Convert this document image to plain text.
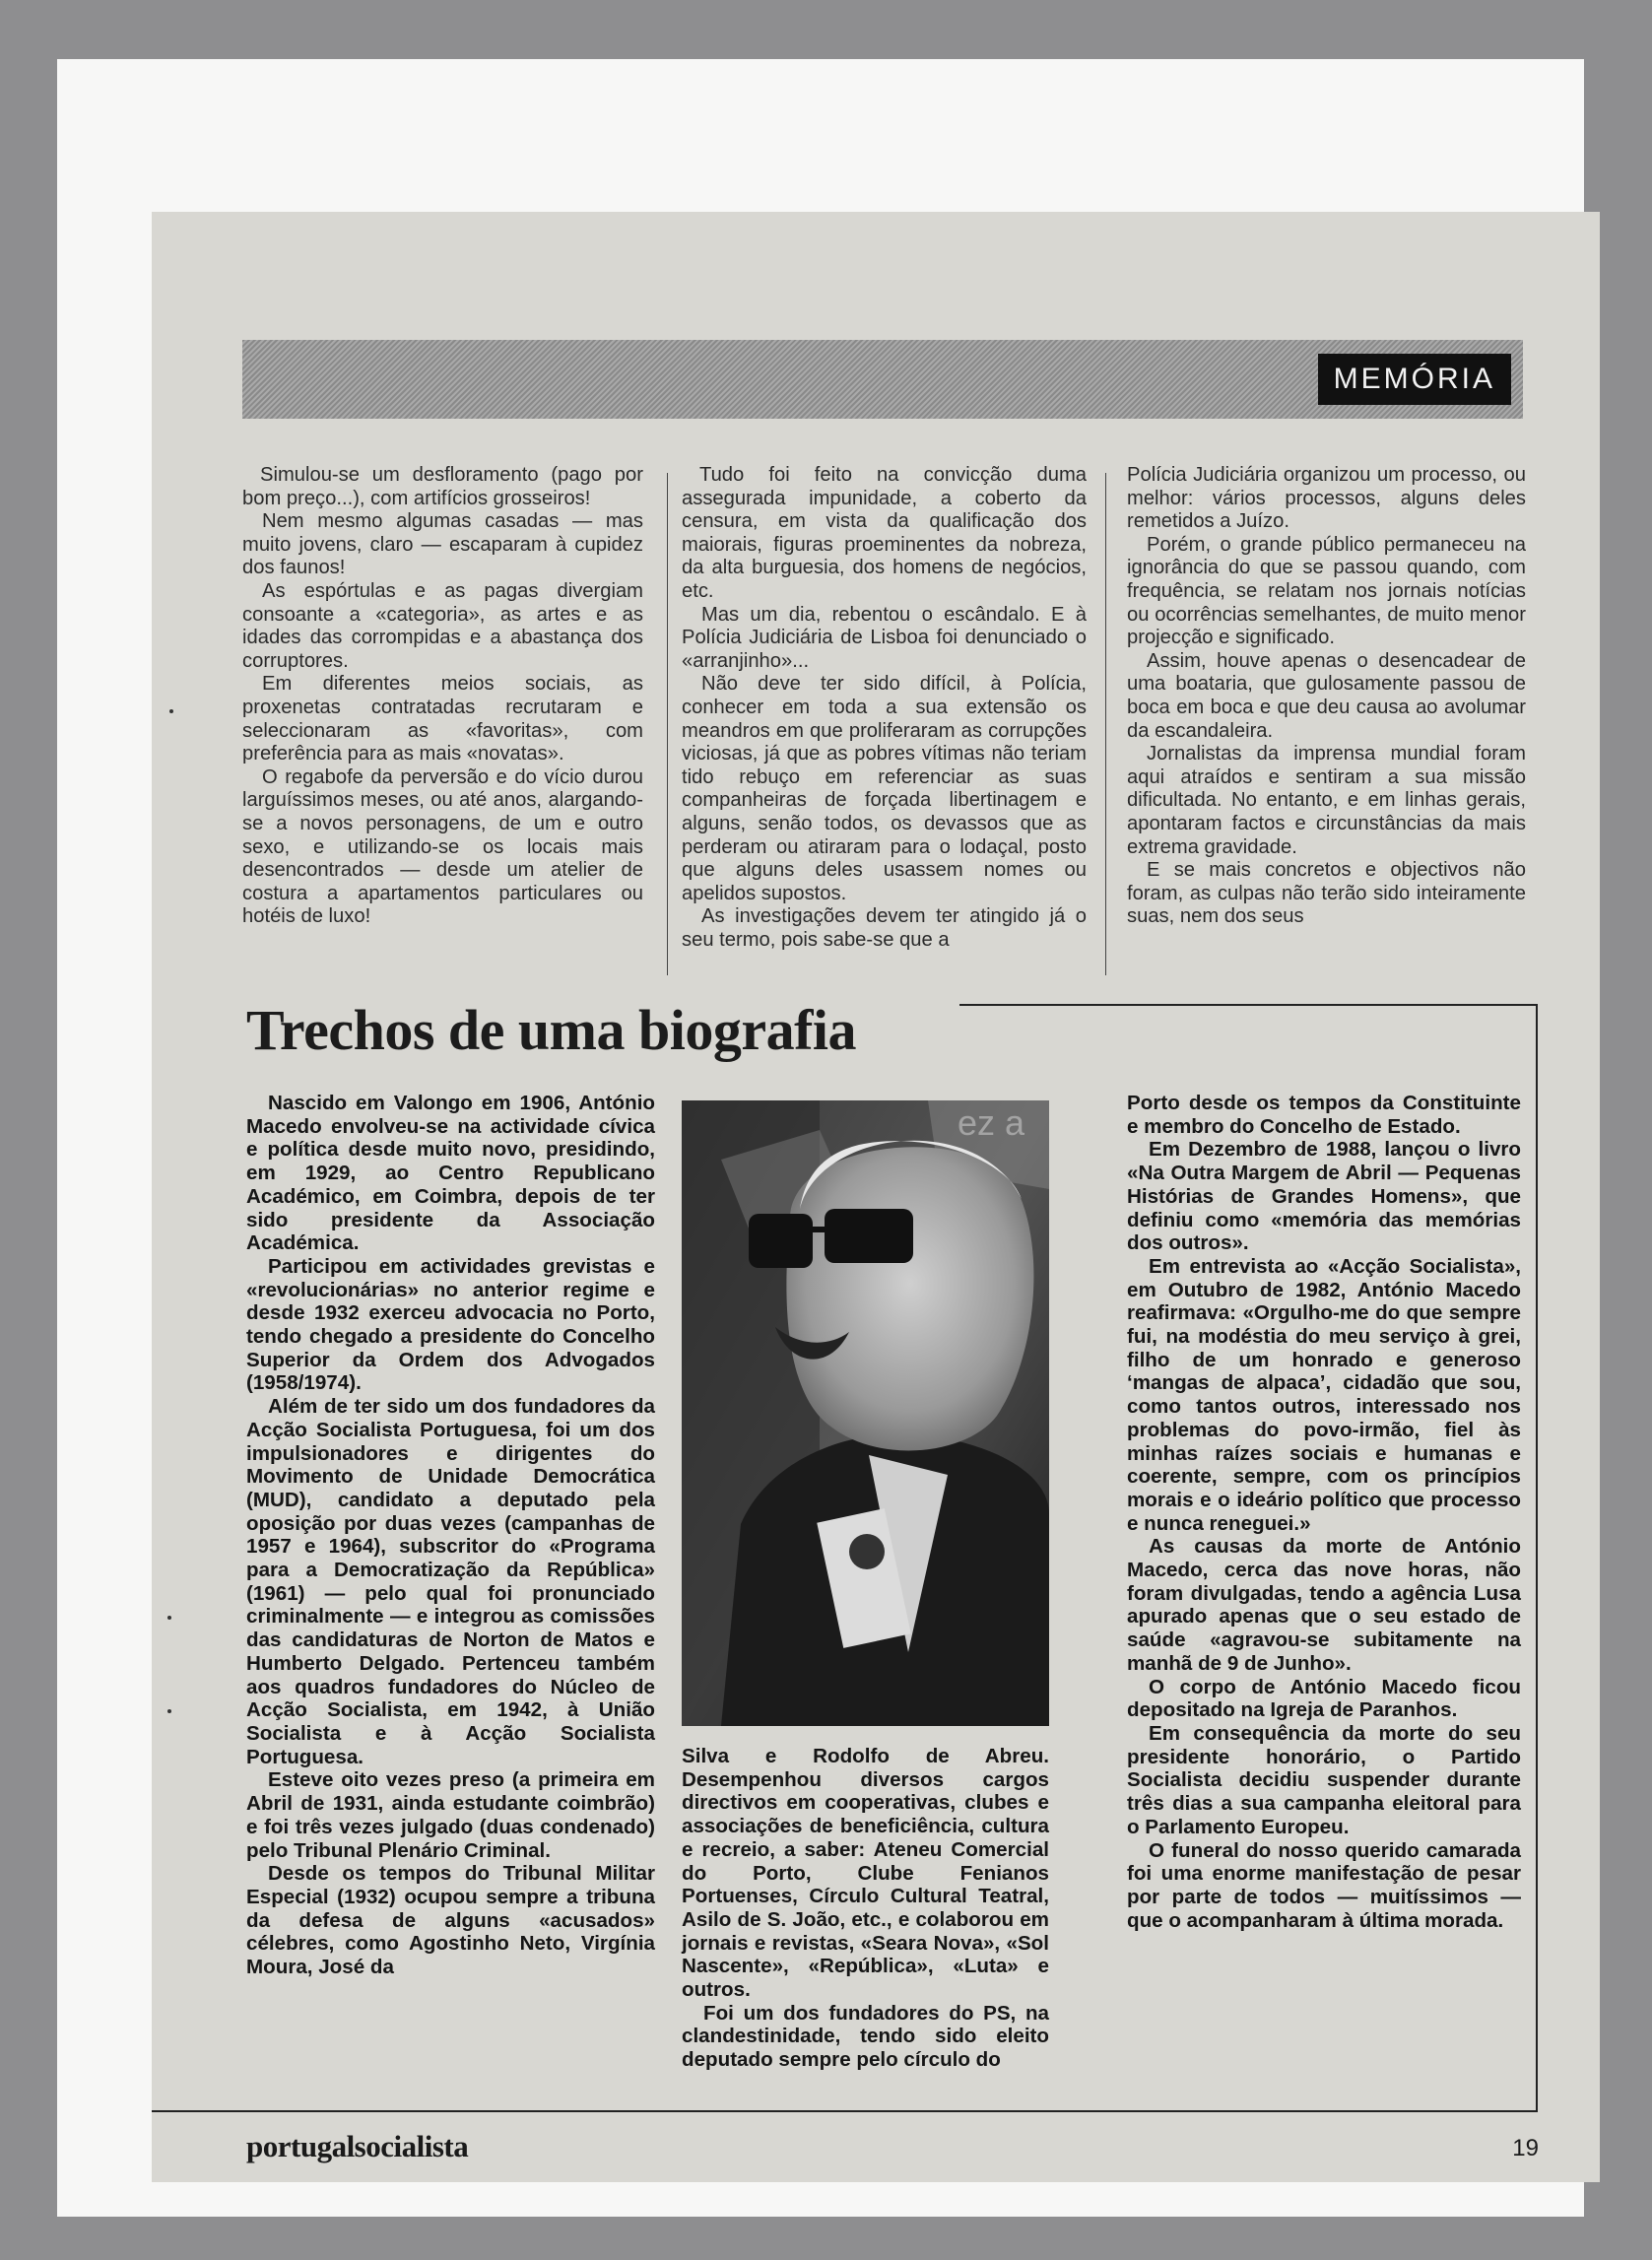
MEMÓRIA

Simulou-se um desfloramento (pago por bom preço...), com artifícios grosseiros!

Nem mesmo algumas casadas — mas muito jovens, claro — escaparam à cupidez dos faunos!

As espórtulas e as pagas divergiam consoante a «categoria», as artes e as idades das corrompidas e a abastança dos corruptores.

Em diferentes meios sociais, as proxenetas contratadas recrutaram e seleccionaram as «favoritas», com preferência para as mais «novatas».

O regabofe da perversão e do vício durou larguíssimos meses, ou até anos, alargando-se a novos personagens, de um e outro sexo, e utilizando-se os locais mais desencontrados — desde um atelier de costura a apartamentos particulares ou hotéis de luxo!

Tudo foi feito na convicção duma assegurada impunidade, a coberto da censura, em vista da qualificação dos maiorais, figuras proeminentes da nobreza, da alta burguesia, dos homens de negócios, etc.

Mas um dia, rebentou o escândalo. E à Polícia Judiciária de Lisboa foi denunciado o «arranjinho»...

Não deve ter sido difícil, à Polícia, conhecer em toda a sua extensão os meandros em que proliferaram as corrupções viciosas, já que as pobres vítimas não teriam tido rebuço em referenciar as suas companheiras de forçada libertinagem e alguns, senão todos, os devassos que as perderam ou atiraram para o lodaçal, posto que alguns deles usassem nomes ou apelidos supostos.

As investigações devem ter atingido já o seu termo, pois sabe-se que a

Polícia Judiciária organizou um processo, ou melhor: vários processos, alguns deles remetidos a Juízo.

Porém, o grande público permaneceu na ignorância do que se passou quando, com frequência, se relatam nos jornais notícias ou ocorrências semelhantes, de muito menor projecção e significado.

Assim, houve apenas o desencadear de uma boataria, que gulosamente passou de boca em boca e que deu causa ao avolumar da escandaleira.

Jornalistas da imprensa mundial foram aqui atraídos e sentiram a sua missão dificultada. No entanto, e em linhas gerais, apontaram factos e circunstâncias da mais extrema gravidade.

E se mais concretos e objectivos não foram, as culpas não terão sido inteiramente suas, nem dos seus

Trechos de uma biografia

Nascido em Valongo em 1906, António Macedo envolveu-se na actividade cívica e política desde muito novo, presidindo, em 1929, ao Centro Republicano Académico, em Coimbra, depois de ter sido presidente da Associação Académica.

Participou em actividades grevistas e «revolucionárias» no anterior regime e desde 1932 exerceu advocacia no Porto, tendo chegado a presidente do Concelho Superior da Ordem dos Advogados (1958/1974).

Além de ter sido um dos fundadores da Acção Socialista Portuguesa, foi um dos impulsionadores e dirigentes do Movimento de Unidade Democrática (MUD), candidato a deputado pela oposição por duas vezes (campanhas de 1957 e 1964), subscritor do «Programa para a Democratização da República» (1961) — pelo qual foi pronunciado criminalmente — e integrou as comissões das candidaturas de Norton de Matos e Humberto Delgado. Pertenceu também aos quadros fundadores do Núcleo de Acção Socialista, em 1942, à União Socialista e à Acção Socialista Portuguesa.

Esteve oito vezes preso (a primeira em Abril de 1931, ainda estudante coimbrão) e foi três vezes julgado (duas condenado) pelo Tribunal Plenário Criminal.

Desde os tempos do Tribunal Militar Especial (1932) ocupou sempre a tribuna da defesa de alguns «acusados» célebres, como Agostinho Neto, Virgínia Moura, José da

ez a

Silva e Rodolfo de Abreu. Desempenhou diversos cargos directivos em cooperativas, clubes e associações de beneficiência, cultura e recreio, a saber: Ateneu Comercial do Porto, Clube Fenianos Portuenses, Círculo Cultural Teatral, Asilo de S. João, etc., e colaborou em jornais e revistas, «Seara Nova», «Sol Nascente», «República», «Luta» e outros.

Foi um dos fundadores do PS, na clandestinidade, tendo sido eleito deputado sempre pelo círculo do

Porto desde os tempos da Constituinte e membro do Concelho de Estado.

Em Dezembro de 1988, lançou o livro «Na Outra Margem de Abril — Pequenas Histórias de Grandes Homens», que definiu como «memória das memórias dos outros».

Em entrevista ao «Acção Socialista», em Outubro de 1982, António Macedo reafirmava: «Orgulho-me do que sempre fui, na modéstia do meu serviço à grei, filho de um honrado e generoso ‘mangas de alpaca’, cidadão que sou, como tantos outros, interessado nos problemas do povo-irmão, fiel às minhas raízes sociais e humanas e coerente, sempre, com os princípios morais e o ideário político que processo e nunca reneguei.»

As causas da morte de António Macedo, cerca das nove horas, não foram divulgadas, tendo a agência Lusa apurado apenas que o seu estado de saúde «agravou-se subitamente na manhã de 9 de Junho».

O corpo de António Macedo ficou depositado na Igreja de Paranhos.

Em consequência da morte do seu presidente honorário, o Partido Socialista decidiu suspender durante três dias a sua campanha eleitoral para o Parlamento Europeu.

O funeral do nosso querido camarada foi uma enorme manifestação de pesar por parte de todos — muitíssimos — que o acompanharam à última morada.

portugalsocialista	19
